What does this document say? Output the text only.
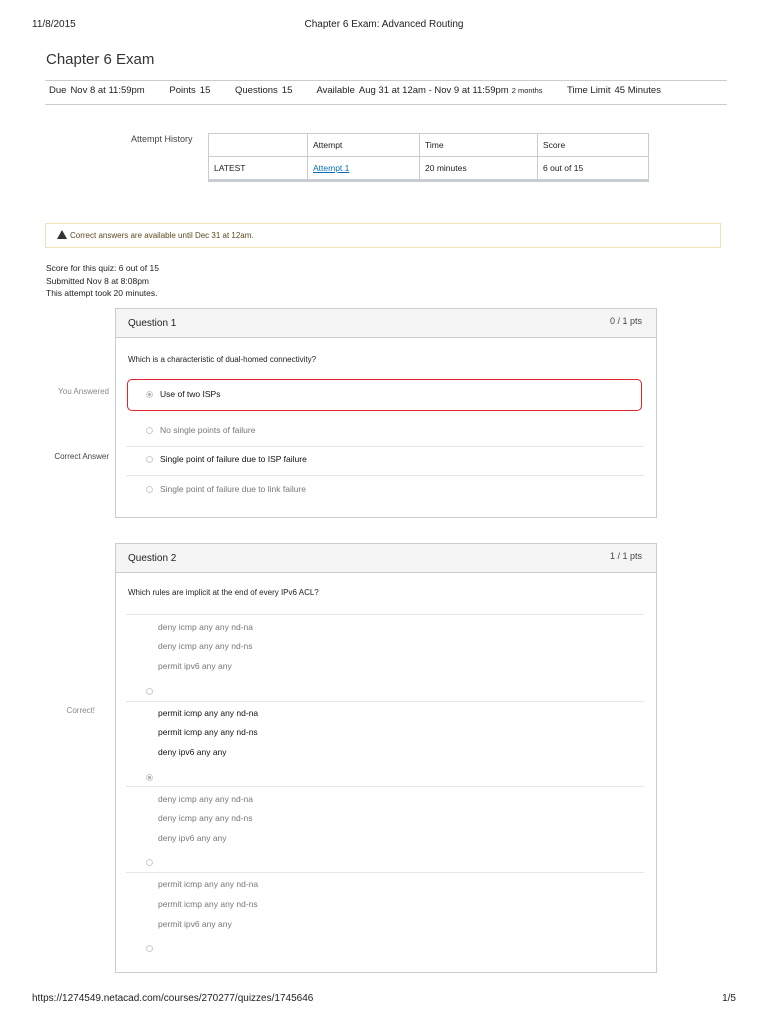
11/8/2015	Chapter 6 Exam: Advanced Routing
Chapter 6 Exam
Due Nov 8 at 11:59pm	Points 15	Questions 15	Available Aug 31 at 12am - Nov 9 at 11:59pm 2 months	Time Limit 45 Minutes
Attempt History
	Attempt	Time	Score
LATEST	Attempt 1	20 minutes	6 out of 15
Correct answers are available until Dec 31 at 12am.
Score for this quiz: 6 out of 15
Submitted Nov 8 at 8:08pm
This attempt took 20 minutes.
You Answered
Correct Answer
Question 1	0 / 1 pts
Which is a characteristic of dual-homed connectivity?
Use of two ISPs
No single points of failure
Single point of failure due to ISP failure
Single point of failure due to link failure
Correct!
Question 2	1 / 1 pts
Which rules are implicit at the end of every IPv6 ACL?
deny icmp any any nd-na
deny icmp any any nd-ns
permit ipv6 any any
permit icmp any any nd-na
permit icmp any any nd-ns
deny ipv6 any any
deny icmp any any nd-na
deny icmp any any nd-ns
deny ipv6 any any
permit icmp any any nd-na
permit icmp any any nd-ns
permit ipv6 any any
https://1274549.netacad.com/courses/270277/quizzes/1745646	1/5
